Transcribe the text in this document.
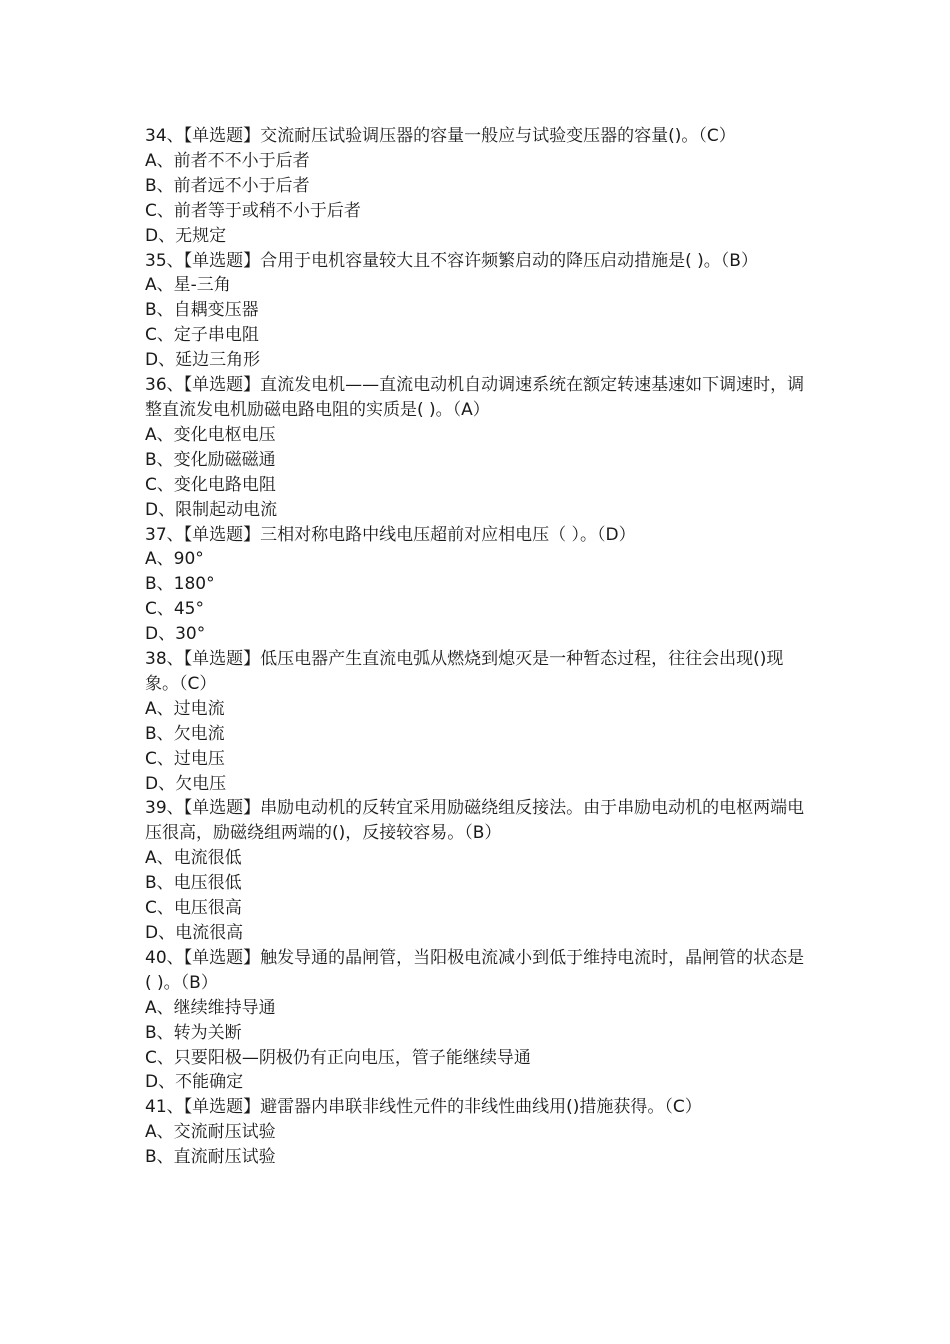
34、【单选题】交流耐压试验调压器的容量一般应与试验变压器的容量()。（C）

A、前者不不小于后者

B、前者远不小于后者

C、前者等于或稍不小于后者

D、无规定

35、【单选题】合用于电机容量较大且不容许频繁启动的降压启动措施是( )。（B）

A、星-三角

B、自耦变压器

C、定子串电阻

D、延边三角形

36、【单选题】直流发电机——直流电动机自动调速系统在额定转速基速如下调速时，调整直流发电机励磁电路电阻的实质是( )。（A）

A、变化电枢电压

B、变化励磁磁通

C、变化电路电阻

D、限制起动电流

37、【单选题】三相对称电路中线电压超前对应相电压（ ）。（D）

A、90°

B、180°

C、45°

D、30°

38、【单选题】低压电器产生直流电弧从燃烧到熄灭是一种暂态过程，往往会出现()现象。（C）

A、过电流

B、欠电流

C、过电压

D、欠电压

39、【单选题】串励电动机的反转宜采用励磁绕组反接法。由于串励电动机的电枢两端电压很高，励磁绕组两端的()，反接较容易。（B）

A、电流很低

B、电压很低

C、电压很高

D、电流很高

40、【单选题】触发导通的晶闸管，当阳极电流减小到低于维持电流时，晶闸管的状态是( )。（B）

A、继续维持导通

B、转为关断

C、只要阳极—阴极仍有正向电压，管子能继续导通

D、不能确定

41、【单选题】避雷器内串联非线性元件的非线性曲线用()措施获得。（C）

A、交流耐压试验

B、直流耐压试验
